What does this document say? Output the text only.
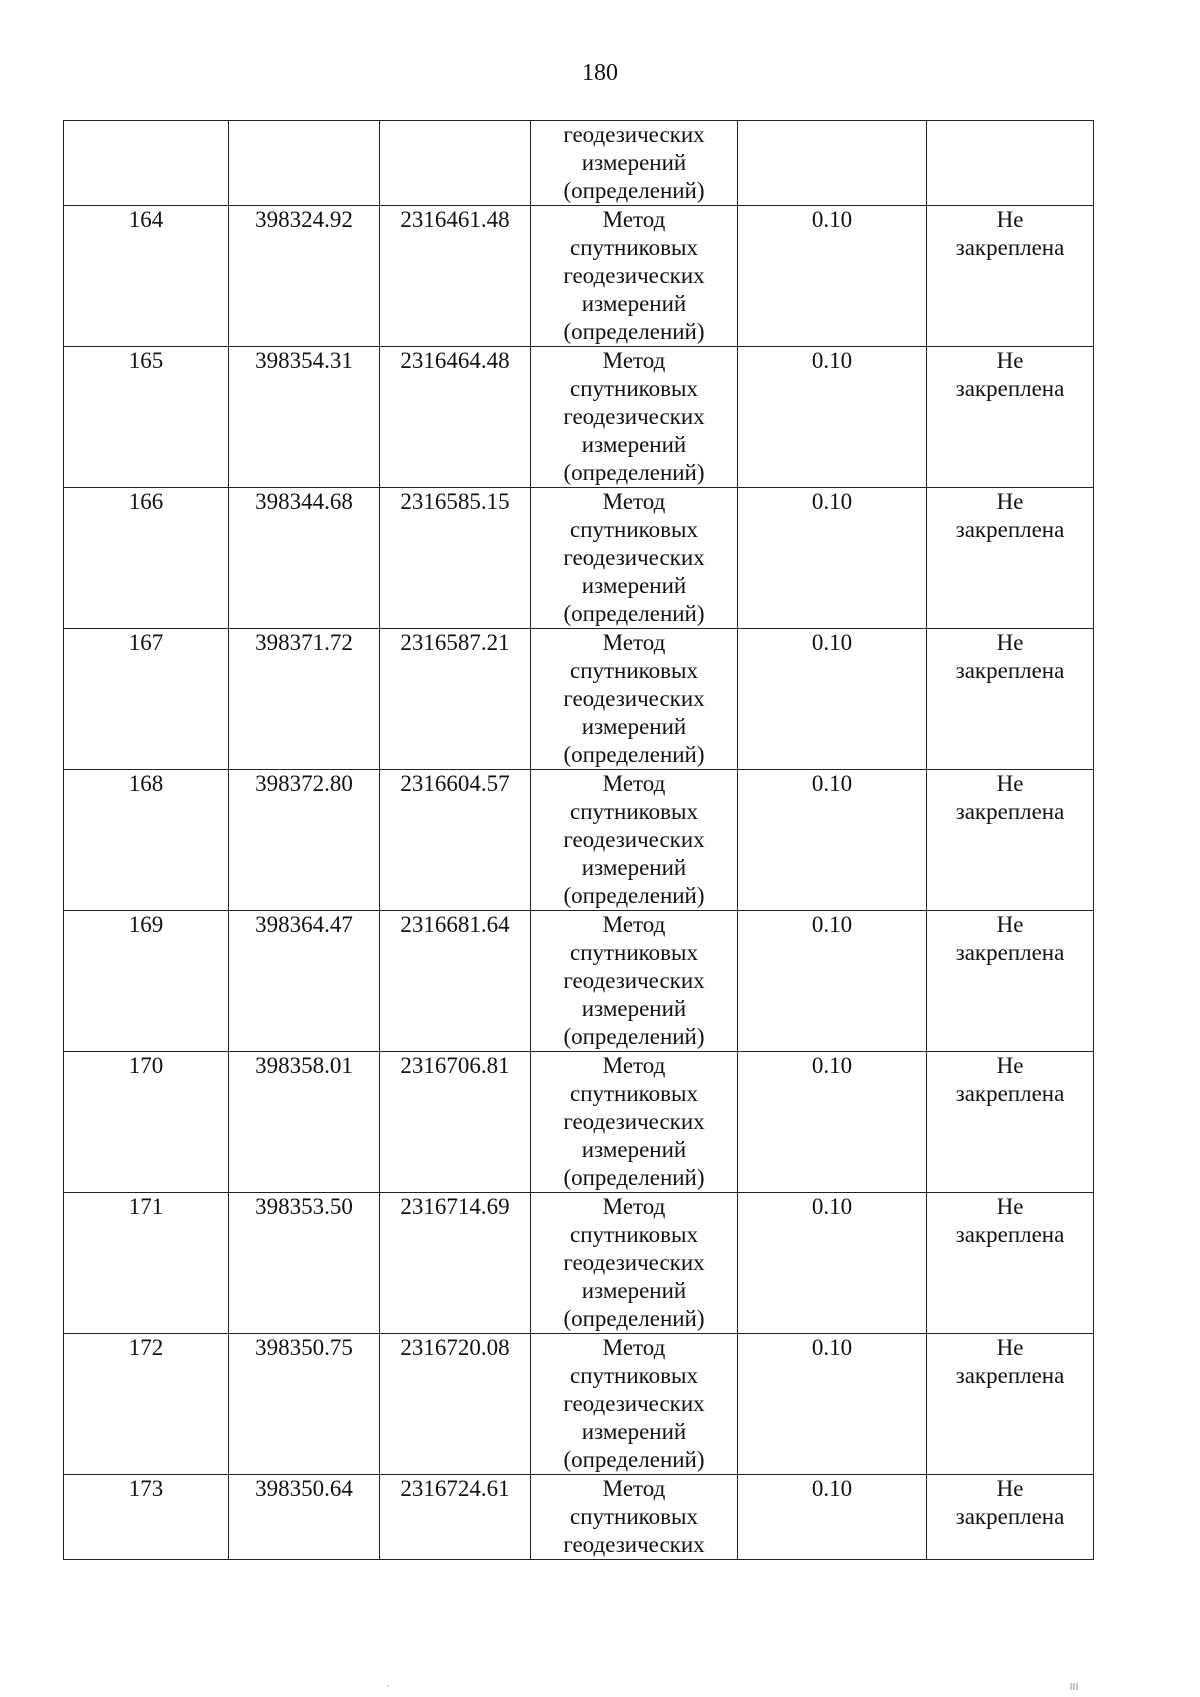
180
			геодезических
измерений
(определений)		
164	398324.92	2316461.48	Метод
спутниковых
геодезических
измерений
(определений)	0.10	Не
закреплена
165	398354.31	2316464.48	Метод
спутниковых
геодезических
измерений
(определений)	0.10	Не
закреплена
166	398344.68	2316585.15	Метод
спутниковых
геодезических
измерений
(определений)	0.10	Не
закреплена
167	398371.72	2316587.21	Метод
спутниковых
геодезических
измерений
(определений)	0.10	Не
закреплена
168	398372.80	2316604.57	Метод
спутниковых
геодезических
измерений
(определений)	0.10	Не
закреплена
169	398364.47	2316681.64	Метод
спутниковых
геодезических
измерений
(определений)	0.10	Не
закреплена
170	398358.01	2316706.81	Метод
спутниковых
геодезических
измерений
(определений)	0.10	Не
закреплена
171	398353.50	2316714.69	Метод
спутниковых
геодезических
измерений
(определений)	0.10	Не
закреплена
172	398350.75	2316720.08	Метод
спутниковых
геодезических
измерений
(определений)	0.10	Не
закреплена
173	398350.64	2316724.61	Метод
спутниковых
геодезических	0.10	Не
закреплена
·	‖‖‖
